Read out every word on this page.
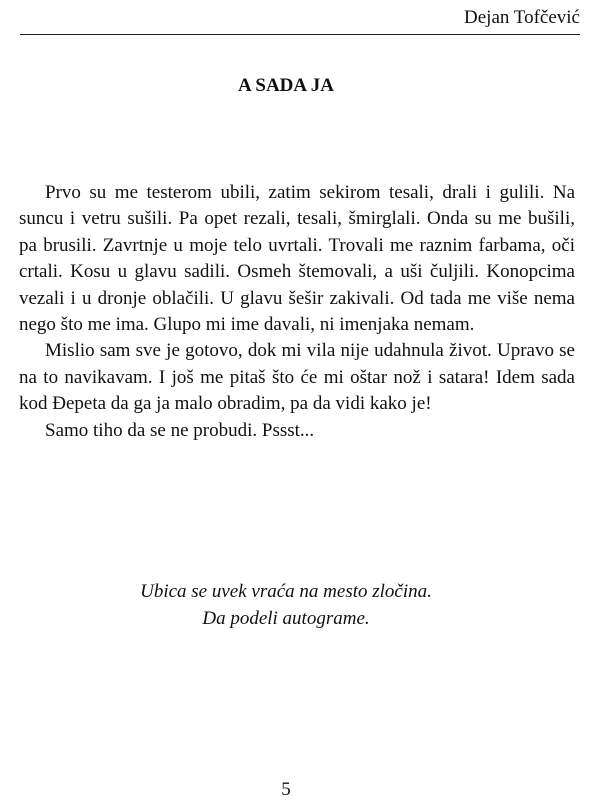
Dejan Tofčević
A SADA JA

Prvo su me testerom ubili, zatim sekirom tesali, drali i gulili. Na suncu i vetru sušili. Pa opet rezali, tesali, šmirglali. Onda su me bušili, pa brusili. Zavrtnje u moje telo uvrtali. Trovali me raznim farbama, oči crtali. Kosu u glavu sadili. Osmeh štemovali, a uši čuljili. Konopcima vezali i u dronje oblačili. U glavu šešir zakivali. Od tada me više nema nego što me ima. Glupo mi ime davali, ni imenjaka nemam.

Mislio sam sve je gotovo, dok mi vila nije udahnula život. Upravo se na to navikavam. I još me pitaš što će mi oštar nož i satara! Idem sada kod Đepeta da ga ja malo obradim, pa da vidi kako je!

Samo tiho da se ne probudi. Pssst...

Ubica se uvek vraća na mesto zločina.
Da podeli autograme.
5
